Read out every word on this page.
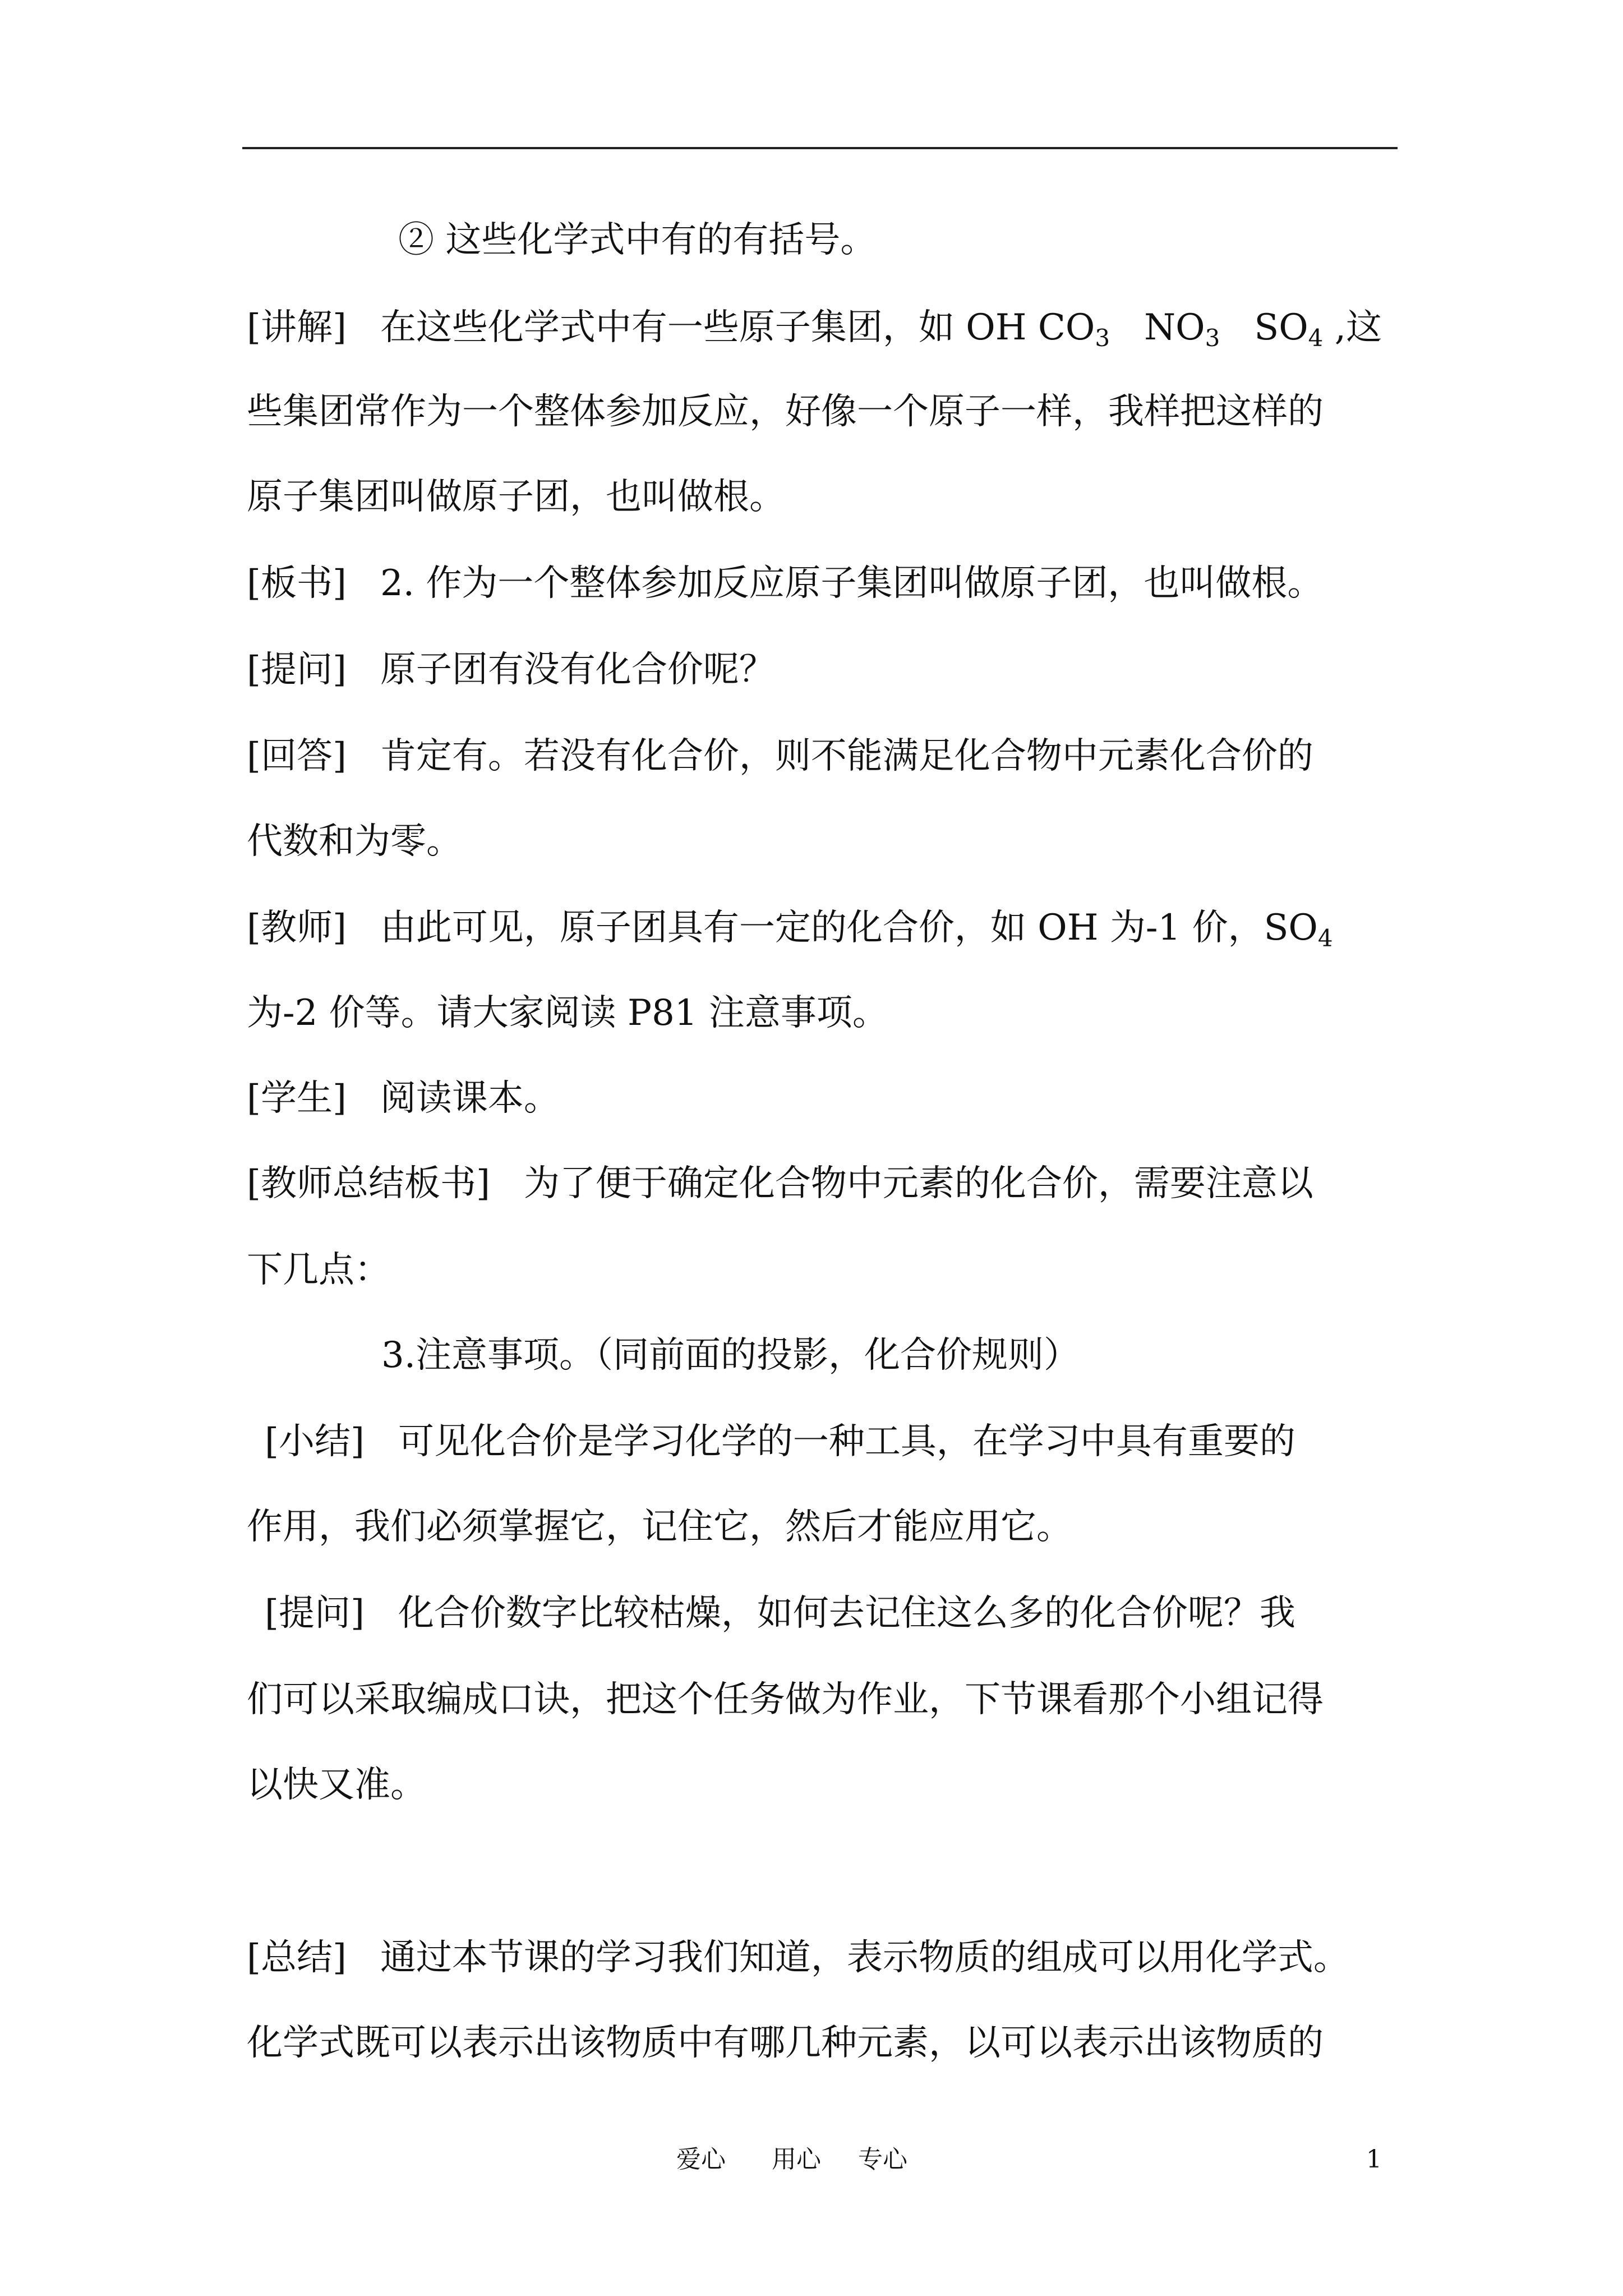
② 这些化学式中有的有括号。
[讲解] 在这些化学式中有一些原子集团，如 OH $CO_3$ $NO_3$ $SO_4$ ,这
些集团常作为一个整体参加反应，好像一个原子一样，我样把这样的
原子集团叫做原子团，也叫做根。
[板书] 2. 作为一个整体参加反应原子集团叫做原子团，也叫做根。
[提问] 原子团有没有化合价呢？
[回答] 肯定有。若没有化合价，则不能满足化合物中元素化合价的
代数和为零。
[教师] 由此可见，原子团具有一定的化合价，如 OH 为-1 价，$SO_4$
为-2 价等。请大家阅读 P81 注意事项。
[学生] 阅读课本。
[教师总结板书] 为了便于确定化合物中元素的化合价，需要注意以
下几点：
3.注意事项。（同前面的投影，化合价规则）
[小结] 可见化合价是学习化学的一种工具，在学习中具有重要的
作用，我们必须掌握它，记住它，然后才能应用它。
[提问] 化合价数字比较枯燥，如何去记住这么多的化合价呢？我
们可以采取编成口诀，把这个任务做为作业，下节课看那个小组记得
以快又准。
[总结] 通过本节课的学习我们知道，表示物质的组成可以用化学式。
化学式既可以表示出该物质中有哪几种元素，以可以表示出该物质的
爱心 用心 专心	1
